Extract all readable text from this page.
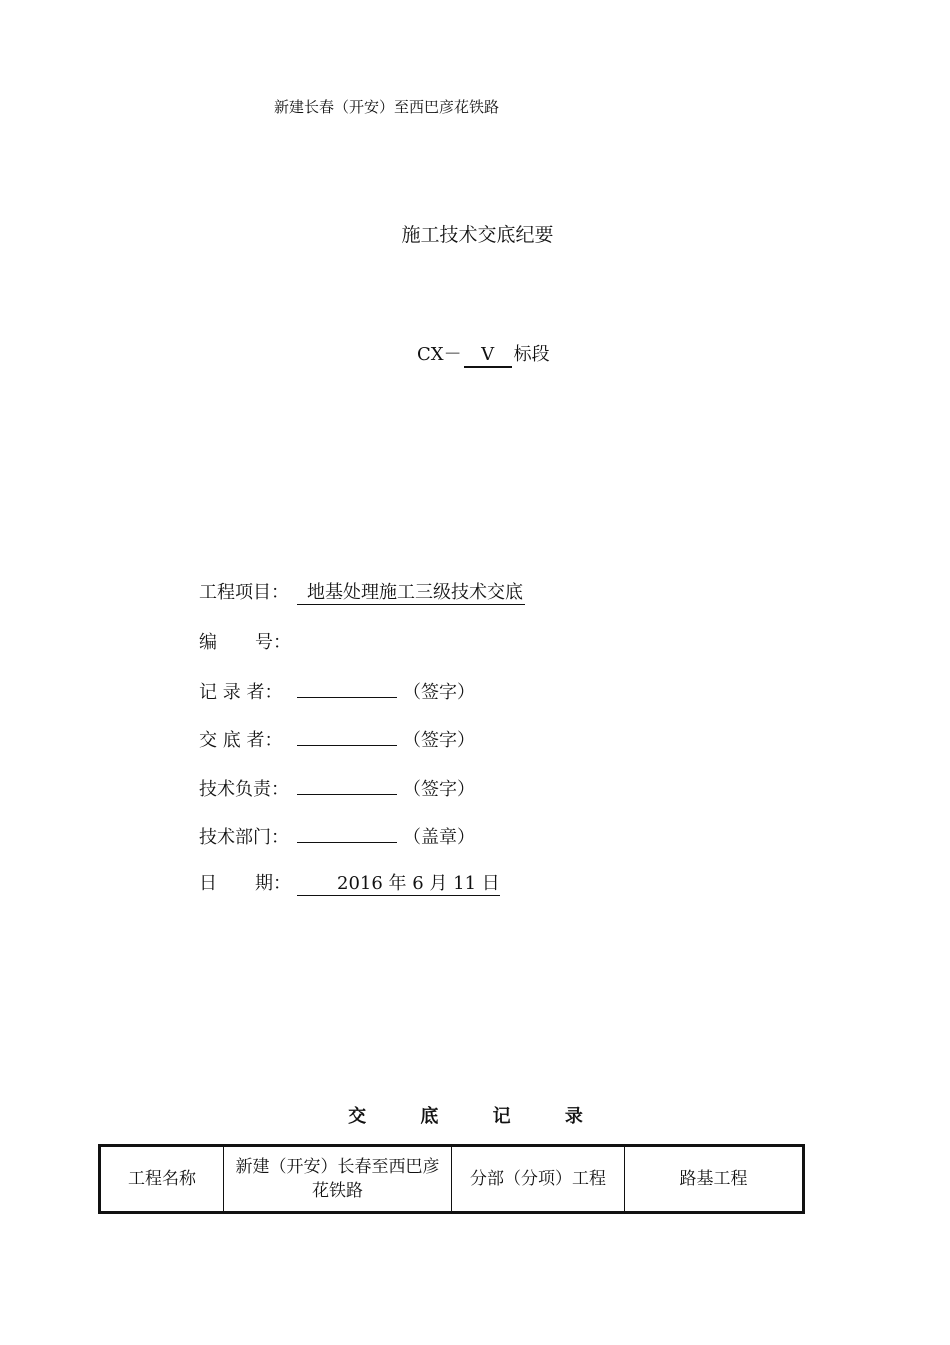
新建长春（开安）至西巴彦花铁路
施工技术交底纪要
CX－	V	标段
工程项目：	地基处理施工三级技术交底
编 号：
记 录 者：	（签字）
交 底 者：	（签字）
技术负责：	（签字）
技术部门：	（盖章）
日 期：	2016 年 6 月 11 日
交 底 记 录
工程名称	新建（开安）长春至西巴彦花铁路	分部（分项）工程	路基工程
